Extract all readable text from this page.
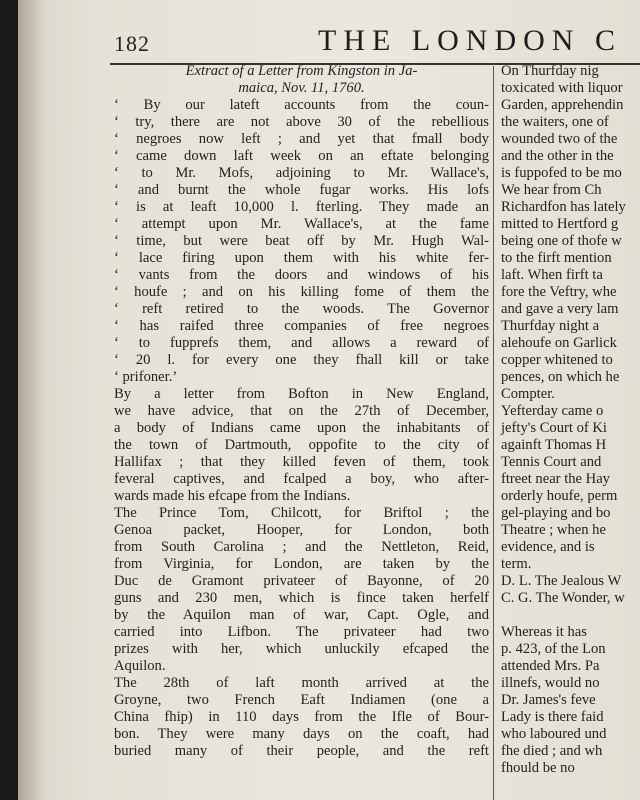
182	THE LONDON C
Extract of a Letter from Kingston in Ja-
maica, Nov. 11, 1760.
‘ By our lateft accounts from the coun-
‘ try, there are not above 30 of the rebellious
‘ negroes now left ; and yet that fmall body
‘ came down laft week on an eftate belonging
‘ to Mr. Mofs, adjoining to Mr. Wallace's,
‘ and burnt the whole fugar works. His lofs
‘ is at leaft 10,000 l. fterling. They made an
‘ attempt upon Mr. Wallace's, at the fame
‘ time, but were beat off by Mr. Hugh Wal-
‘ lace firing upon them with his white fer-
‘ vants from the doors and windows of his
‘ houfe ; and on his killing fome of them the
‘ reft retired to the woods. The Governor
‘ has raifed three companies of free negroes
‘ to fupprefs them, and allows a reward of
‘ 20 l. for every one they fhall kill or take
‘ prifoner.’
By a letter from Bofton in New England,
we have advice, that on the 27th of December,
a body of Indians came upon the inhabitants of
the town of Dartmouth, oppofite to the city of
Hallifax ; that they killed feven of them, took
feveral captives, and fcalped a boy, who after-
wards made his efcape from the Indians.
The Prince Tom, Chilcott, for Briftol ; the
Genoa packet, Hooper, for London, both
from South Carolina ; and the Nettleton, Reid,
from Virginia, for London, are taken by the
Duc de Gramont privateer of Bayonne, of 20
guns and 230 men, which is fince taken herfelf
by the Aquilon man of war, Capt. Ogle, and
carried into Lifbon. The privateer had two
prizes with her, which unluckily efcaped the
Aquilon.
The 28th of laft month arrived at the
Groyne, two French Eaft Indiamen (one a
China fhip) in 110 days from the Ifle of Bour-
bon. They were many days on the coaft, had
buried many of their people, and the reft
On Thurfday nig
toxicated with liquor
Garden, apprehendin
the waiters, one of
wounded two of the
and the other in the
is fuppofed to be mo
We hear from Ch
Richardfon has lately
mitted to Hertford g
being one of thofe w
to the firft mention
laft. When firft ta
fore the Veftry, whe
and gave a very lam
Thurfday night a
alehoufe on Garlick
copper whitened to
pences, on which he
Compter.
Yefterday came o
jefty's Court of Ki
againft Thomas H
Tennis Court and
ftreet near the Hay
orderly houfe, perm
gel-playing and bo
Theatre ; when he
evidence, and is
term.
D. L. The Jealous W
C. G. The Wonder, w

Whereas it has
p. 423, of the Lon
attended Mrs. Pa
illnefs, would no
Dr. James's feve
Lady is there faid
who laboured und
fhe died ; and wh
fhould be no
